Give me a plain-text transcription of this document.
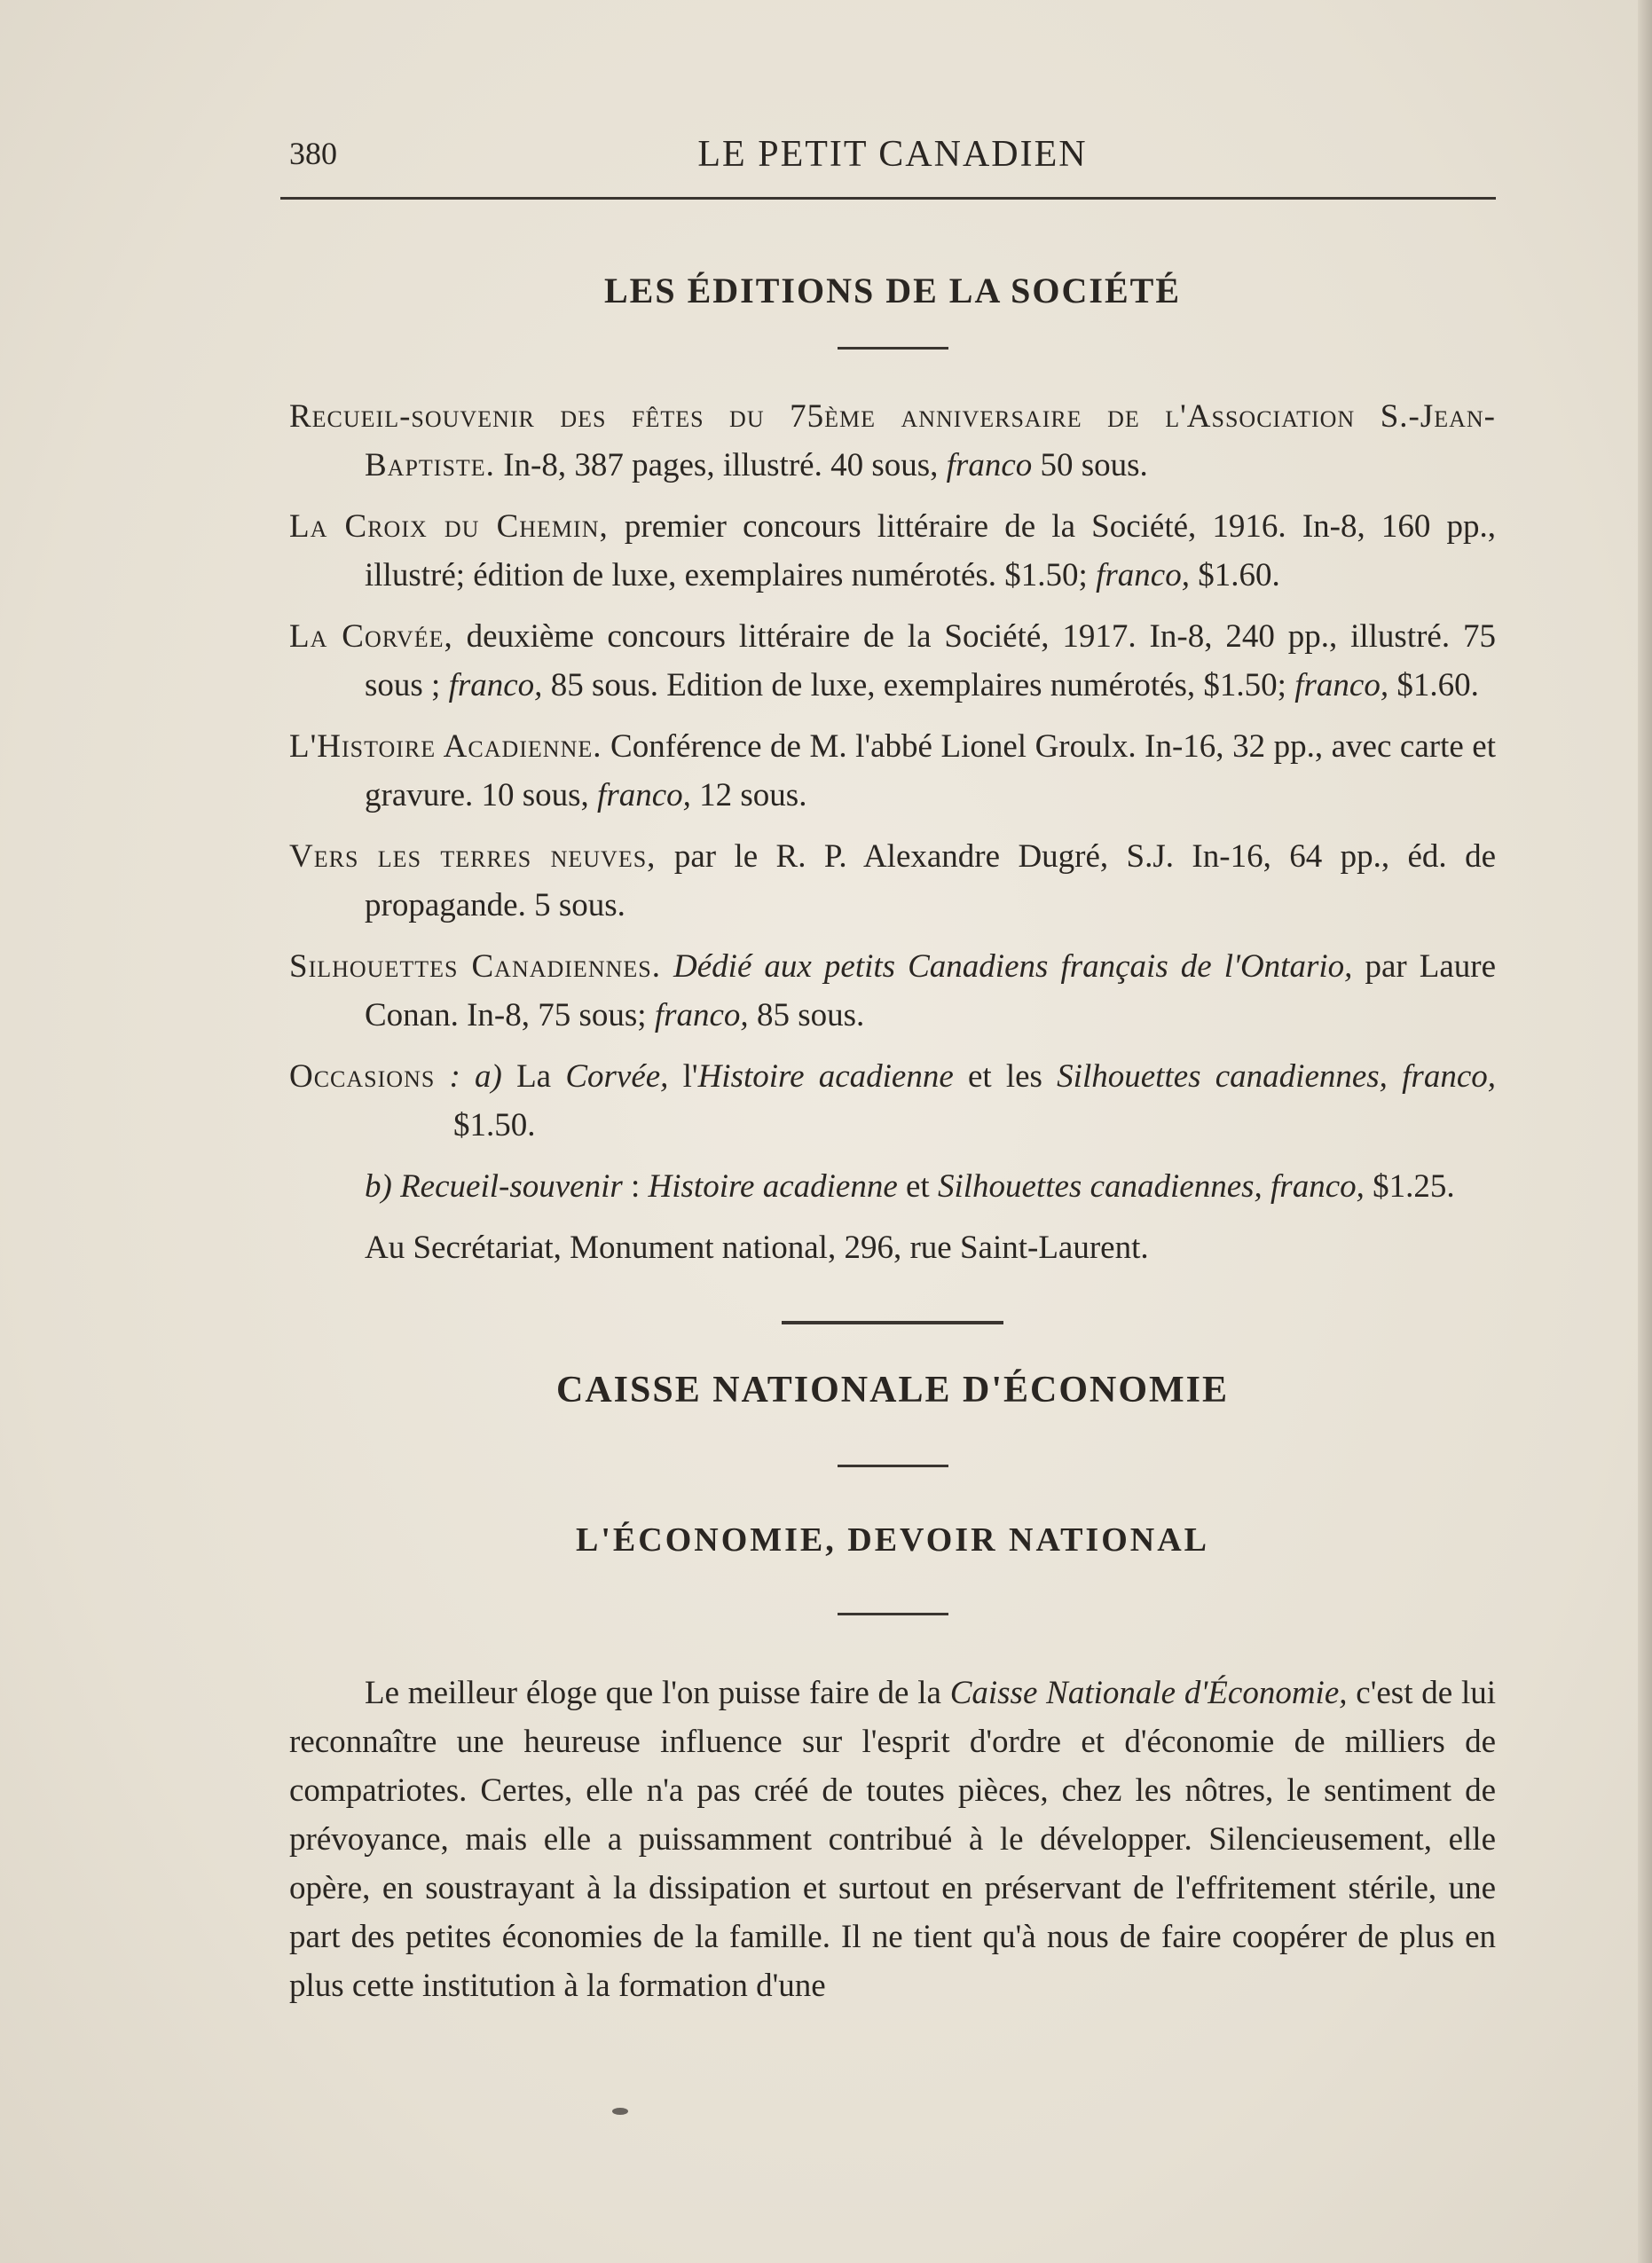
380	LE PETIT CANADIEN
LES ÉDITIONS DE LA SOCIÉTÉ

Recueil-souvenir des fêtes du 75ème anniversaire de l'Association S.-Jean-Baptiste. In-8, 387 pages, illustré. 40 sous, franco 50 sous.

La Croix du Chemin, premier concours littéraire de la Société, 1916. In-8, 160 pp., illustré; édition de luxe, exemplaires numérotés. $1.50; franco, $1.60.

La Corvée, deuxième concours littéraire de la Société, 1917. In-8, 240 pp., illustré. 75 sous ; franco, 85 sous. Edition de luxe, exemplaires numérotés, $1.50; franco, $1.60.

L'Histoire Acadienne. Conférence de M. l'abbé Lionel Groulx. In-16, 32 pp., avec carte et gravure. 10 sous, franco, 12 sous.

Vers les terres neuves, par le R. P. Alexandre Dugré, S.J. In-16, 64 pp., éd. de propagande. 5 sous.

Silhouettes Canadiennes. Dédié aux petits Canadiens français de l'Ontario, par Laure Conan. In-8, 75 sous; franco, 85 sous.

Occasions : a) La Corvée, l'Histoire acadienne et les Silhouettes canadiennes, franco, $1.50.

b) Recueil-souvenir : Histoire acadienne et Silhouettes canadiennes, franco, $1.25.

Au Secrétariat, Monument national, 296, rue Saint-Laurent.

CAISSE NATIONALE D'ÉCONOMIE
L'ÉCONOMIE, DEVOIR NATIONAL

Le meilleur éloge que l'on puisse faire de la Caisse Nationale d'Économie, c'est de lui reconnaître une heureuse influence sur l'esprit d'ordre et d'économie de milliers de compatriotes. Certes, elle n'a pas créé de toutes pièces, chez les nôtres, le sentiment de prévoyance, mais elle a puissamment contribué à le développer. Silencieusement, elle opère, en soustrayant à la dissipation et surtout en préservant de l'effritement stérile, une part des petites économies de la famille. Il ne tient qu'à nous de faire coopérer de plus en plus cette institution à la formation d'une
